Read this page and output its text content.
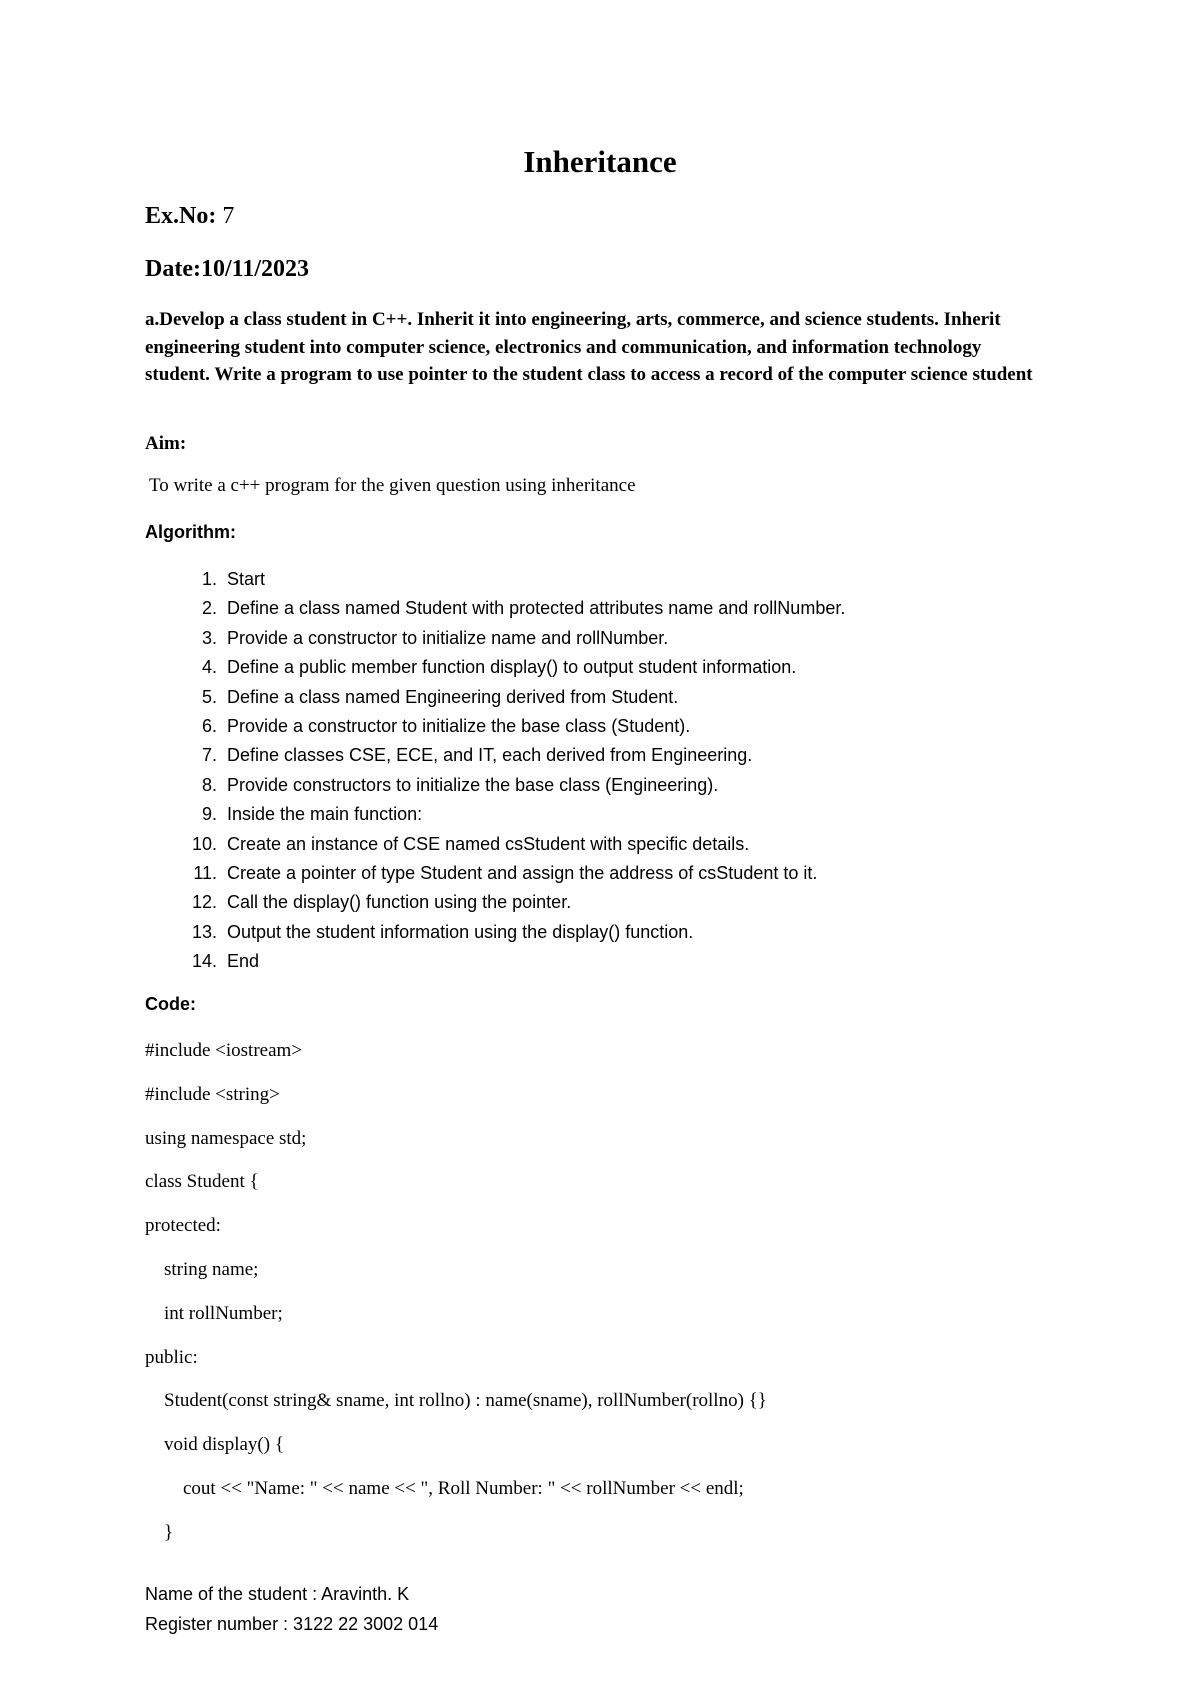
Inheritance
Ex.No: 7
Date:10/11/2023
a.Develop a class student in C++. Inherit it into engineering, arts, commerce, and science students. Inherit engineering student into computer science, electronics and communication, and information technology student. Write a program to use pointer to the student class to access a record of the computer science student
Aim:
To write a c++ program for the given question using inheritance
Algorithm:
1. Start
2. Define a class named Student with protected attributes name and rollNumber.
3. Provide a constructor to initialize name and rollNumber.
4. Define a public member function display() to output student information.
5. Define a class named Engineering derived from Student.
6. Provide a constructor to initialize the base class (Student).
7. Define classes CSE, ECE, and IT, each derived from Engineering.
8. Provide constructors to initialize the base class (Engineering).
9. Inside the main function:
10. Create an instance of CSE named csStudent with specific details.
11. Create a pointer of type Student and assign the address of csStudent to it.
12. Call the display() function using the pointer.
13. Output the student information using the display() function.
14. End
Code:
#include <iostream>
#include <string>
using namespace std;
class Student {
protected:
string name;
int rollNumber;
public:
Student(const string& sname, int rollno) : name(sname), rollNumber(rollno) {}
void display() {
cout << "Name: " << name << ", Roll Number: " << rollNumber << endl;
}
Name of the student : Aravinth. K
Register number : 3122 22 3002 014
